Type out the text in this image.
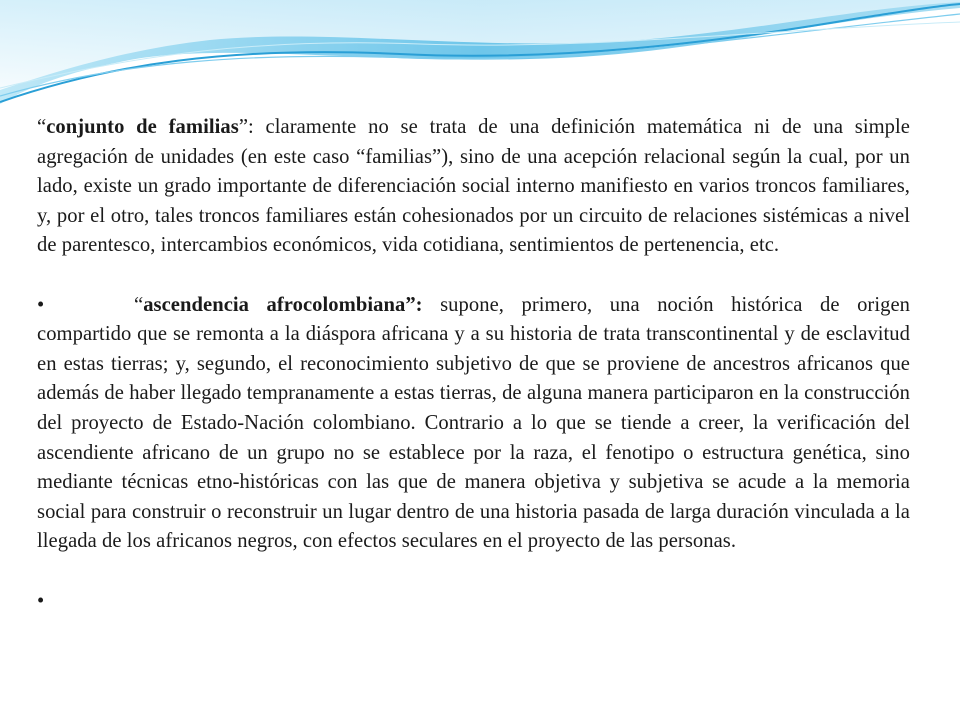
“conjunto de familias”: claramente no se trata de una definición matemática ni de una simple agregación de unidades (en este caso “familias”), sino de una acepción relacional según la cual, por un lado, existe un grado importante de diferenciación social interno manifiesto en varios troncos familiares, y, por el otro, tales troncos familiares están cohesionados por un circuito de relaciones sistémicas a nivel de parentesco, intercambios económicos, vida cotidiana, sentimientos de pertenencia, etc.

•	“ascendencia afrocolombiana”: supone, primero, una noción histórica de origen compartido que se remonta a la diáspora africana y a su historia de trata transcontinental y de esclavitud en estas tierras; y, segundo, el reconocimiento subjetivo de que se proviene de ancestros africanos que además de haber llegado tempranamente a estas tierras, de alguna manera participaron en la construcción del proyecto de Estado-Nación colombiano. Contrario a lo que se tiende a creer, la verificación del ascendiente africano de un grupo no se establece por la raza, el fenotipo o estructura genética, sino mediante técnicas etno-históricas con las que de manera objetiva y subjetiva se acude a la memoria social para construir o reconstruir un lugar dentro de una historia pasada de larga duración vinculada a la llegada de los africanos negros, con efectos seculares en el proyecto de las personas.

•
